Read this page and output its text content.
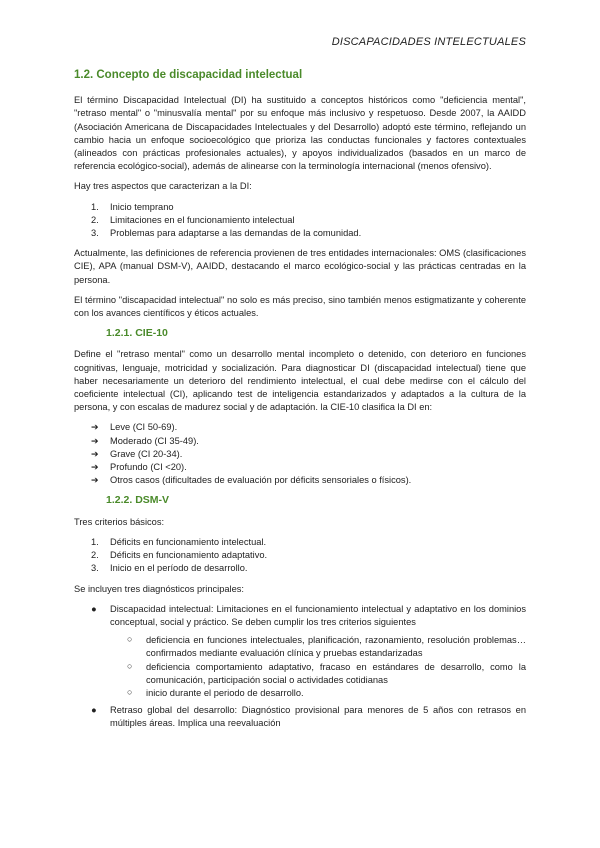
DISCAPACIDADES INTELECTUALES
1.2. Concepto de discapacidad intelectual

El término Discapacidad Intelectual (DI) ha sustituido a conceptos históricos como "deficiencia mental", "retraso mental" o "minusvalía mental" por su enfoque más inclusivo y respetuoso. Desde 2007, la AAIDD (Asociación Americana de Discapacidades Intelectuales y del Desarrollo) adoptó este término, reflejando un cambio hacia un enfoque socioecológico que prioriza las conductas funcionales y factores contextuales (alineados con prácticas profesionales actuales), y apoyos individualizados (basados en un marco de referencia ecológico-social), además de alinearse con la terminología internacional (menos ofensivo).

Hay tres aspectos que caracterizan a la DI:

1. Inicio temprano
2. Limitaciones en el funcionamiento intelectual
3. Problemas para adaptarse a las demandas de la comunidad.

Actualmente, las definiciones de referencia provienen de tres entidades internacionales: OMS (clasificaciones CIE), APA (manual DSM-V), AAIDD, destacando el marco ecológico-social y las prácticas centradas en la persona.

El término "discapacidad intelectual" no solo es más preciso, sino también menos estigmatizante y coherente con los avances científicos y éticos actuales.

1.2.1. CIE-10

Define el "retraso mental" como un desarrollo mental incompleto o detenido, con deterioro en funciones cognitivas, lenguaje, motricidad y socialización. Para diagnosticar DI (discapacidad intelectual) tiene que haber necesariamente un deterioro del rendimiento intelectual, el cual debe medirse con el cálculo del coeficiente intelectual (CI), aplicando test de inteligencia estandarizados y adaptados a la cultura de la persona, y con escalas de madurez social y de adaptación. la CIE-10 clasifica la DI en:

➔ Leve (CI 50-69).
➔ Moderado (CI 35-49).
➔ Grave (CI 20-34).
➔ Profundo (CI <20).
➔ Otros casos (dificultades de evaluación por déficits sensoriales o físicos).
1.2.2. DSM-V

Tres criterios básicos:

1. Déficits en funcionamiento intelectual.
2. Déficits en funcionamiento adaptativo.
3. Inicio en el período de desarrollo.

Se incluyen tres diagnósticos principales:

● Discapacidad intelectual: Limitaciones en el funcionamiento intelectual y adaptativo en los dominios conceptual, social y práctico. Se deben cumplir los tres criterios siguientes
○ deficiencia en funciones intelectuales, planificación, razonamiento, resolución problemas… confirmados mediante evaluación clínica y pruebas estandarizadas
○ deficiencia comportamiento adaptativo, fracaso en estándares de desarrollo, como la comunicación, participación social o actividades cotidianas
○ inicio durante el periodo de desarrollo.
● Retraso global del desarrollo: Diagnóstico provisional para menores de 5 años con retrasos en múltiples áreas. Implica una reevaluación
